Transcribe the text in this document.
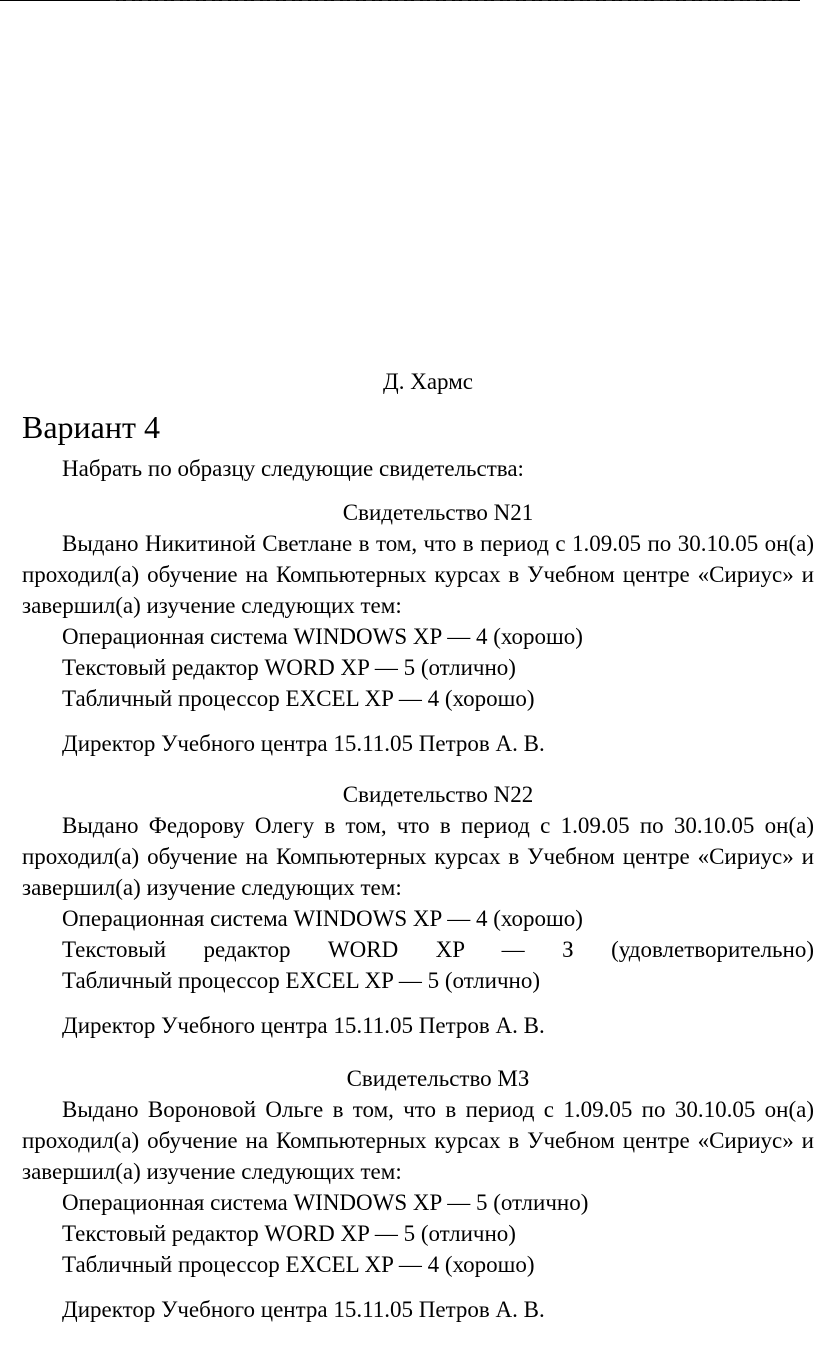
Д. Хармс

Вариант 4

Набрать по образцу следующие свидетельства:

Свидетельство N21

Выдано Никитиной Светлане в том, что в период с 1.09.05 по 30.10.05 он(а) проходил(а) обучение на Компьютерных курсах в Учебном центре «Сириус» и завершил(а) изучение следующих тем:

Операционная система WINDOWS XP — 4 (хорошо)

Текстовый редактор WORD XP — 5 (отлично)

Табличный процессор EXCEL XP — 4 (хорошо)

Директор Учебного центра 15.11.05 Петров А. В.

Свидетельство N22

Выдано Федорову Олегу в том, что в период с 1.09.05 по 30.10.05 он(а) проходил(а) обучение на Компьютерных курсах в Учебном центре «Сириус» и завершил(а) изучение следующих тем:

Операционная система WINDOWS XP — 4 (хорошо)

Текстовый редактор WORD XP — З (удовлетворительно)

Табличный процессор EXCEL XP — 5 (отлично)

Директор Учебного центра 15.11.05 Петров А. В.

Свидетельство МЗ

Выдано Вороновой Ольге в том, что в период с 1.09.05 по 30.10.05 он(а) проходил(а) обучение на Компьютерных курсах в Учебном центре «Сириус» и завершил(а) изучение следующих тем:

Операционная система WINDOWS XP — 5 (отлично)

Текстовый редактор WORD XP — 5 (отлично)

Табличный процессор EXCEL XP — 4 (хорошо)

Директор Учебного центра 15.11.05 Петров А. В.
